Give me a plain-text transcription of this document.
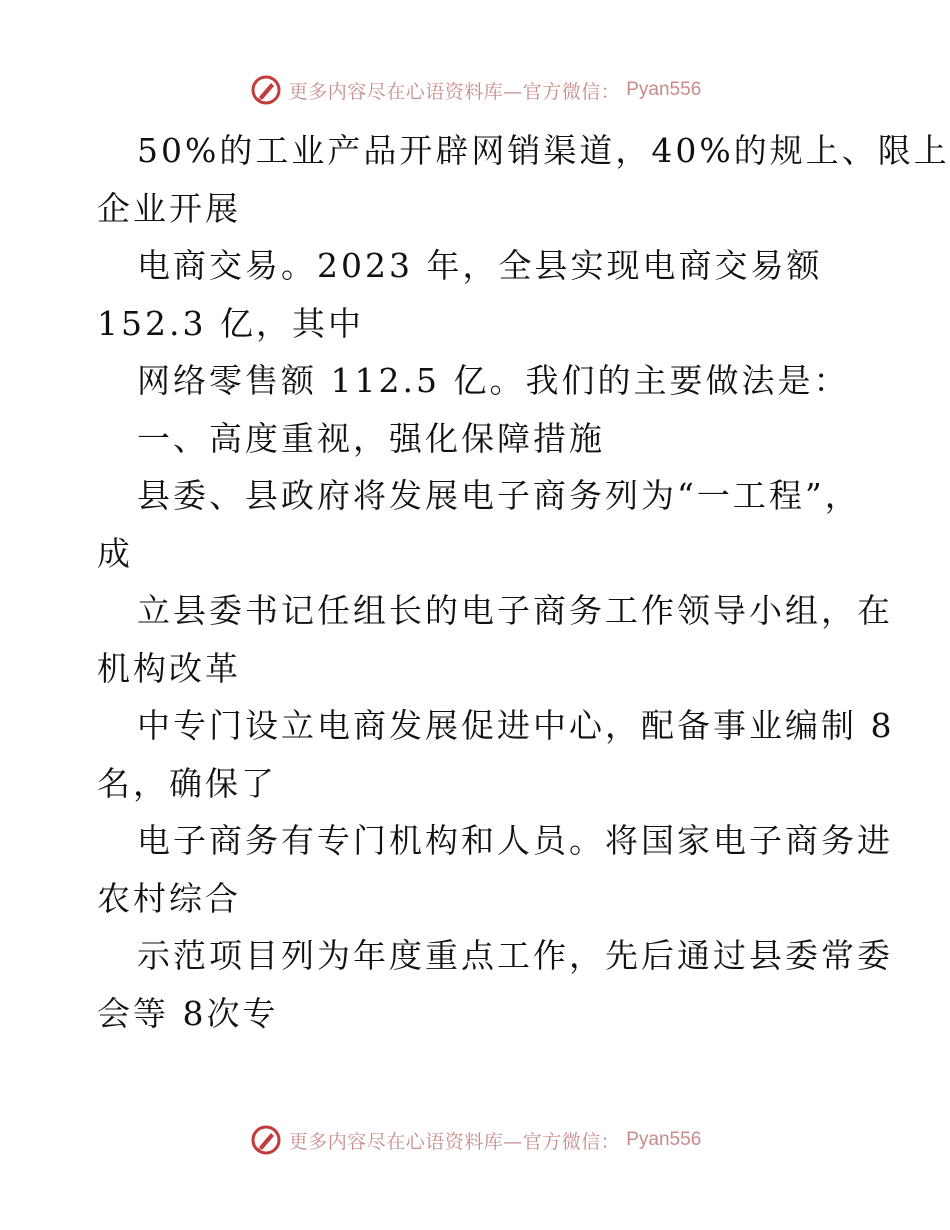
更多内容尽在心语资料库—官方微信： Pyan556
50%的工业产品开辟网销渠道，40%的规上、限上
企业开展
电商交易。2023 年，全县实现电商交易额
152.3 亿，其中
网络零售额 112.5 亿。我们的主要做法是：
一、高度重视，强化保障措施
县委、县政府将发展电子商务列为“一工程”，
成
立县委书记任组长的电子商务工作领导小组，在
机构改革
中专门设立电商发展促进中心，配备事业编制 8
名，确保了
电子商务有专门机构和人员。将国家电子商务进
农村综合
示范项目列为年度重点工作，先后通过县委常委
会等 8次专
更多内容尽在心语资料库—官方微信： Pyan556
